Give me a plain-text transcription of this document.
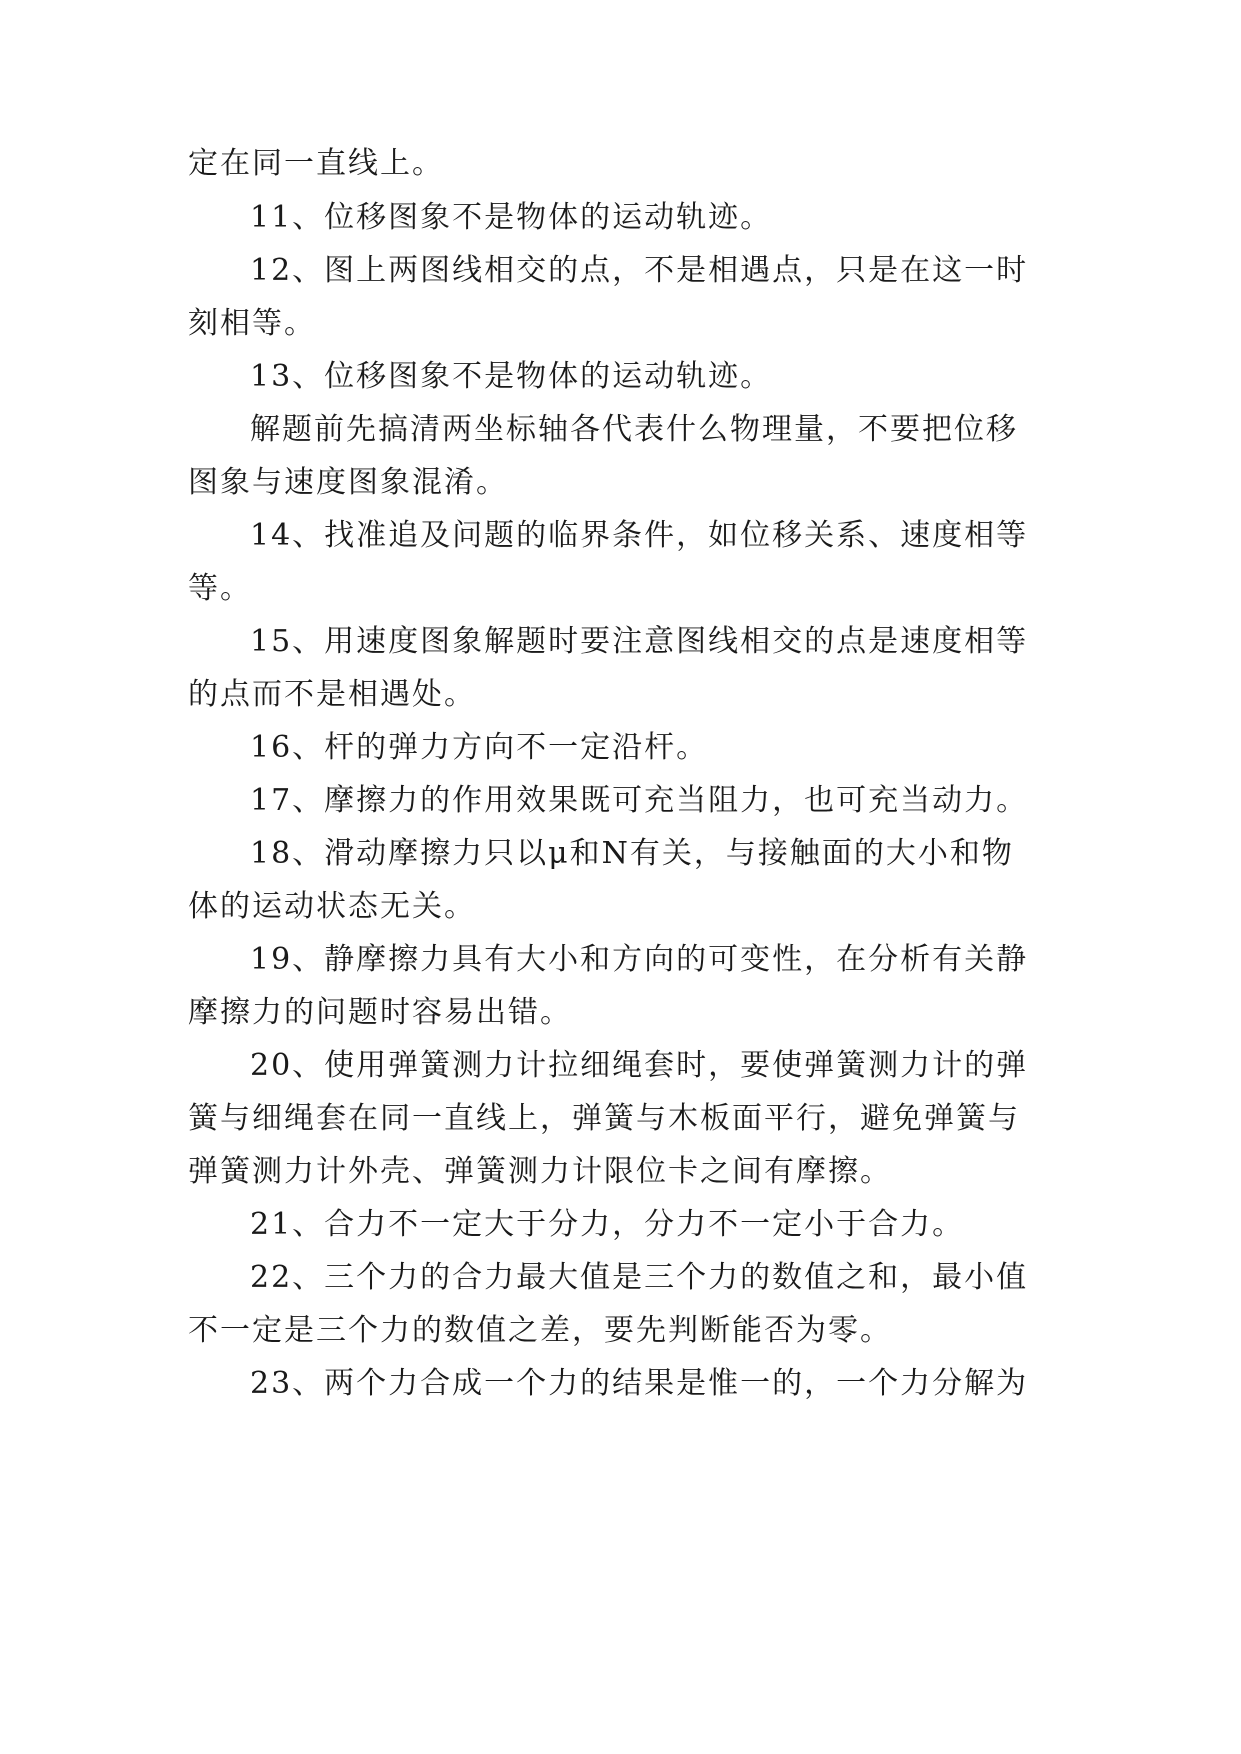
定在同一直线上。
11、位移图象不是物体的运动轨迹。
12、图上两图线相交的点，不是相遇点，只是在这一时
刻相等。
13、位移图象不是物体的运动轨迹。
解题前先搞清两坐标轴各代表什么物理量，不要把位移
图象与速度图象混淆。
14、找准追及问题的临界条件，如位移关系、速度相等
等。
15、用速度图象解题时要注意图线相交的点是速度相等
的点而不是相遇处。
16、杆的弹力方向不一定沿杆。
17、摩擦力的作用效果既可充当阻力，也可充当动力。
18、滑动摩擦力只以μ和N有关，与接触面的大小和物
体的运动状态无关。
19、静摩擦力具有大小和方向的可变性，在分析有关静
摩擦力的问题时容易出错。
20、使用弹簧测力计拉细绳套时，要使弹簧测力计的弹
簧与细绳套在同一直线上，弹簧与木板面平行，避免弹簧与
弹簧测力计外壳、弹簧测力计限位卡之间有摩擦。
21、合力不一定大于分力，分力不一定小于合力。
22、三个力的合力最大值是三个力的数值之和，最小值
不一定是三个力的数值之差，要先判断能否为零。
23、两个力合成一个力的结果是惟一的，一个力分解为
